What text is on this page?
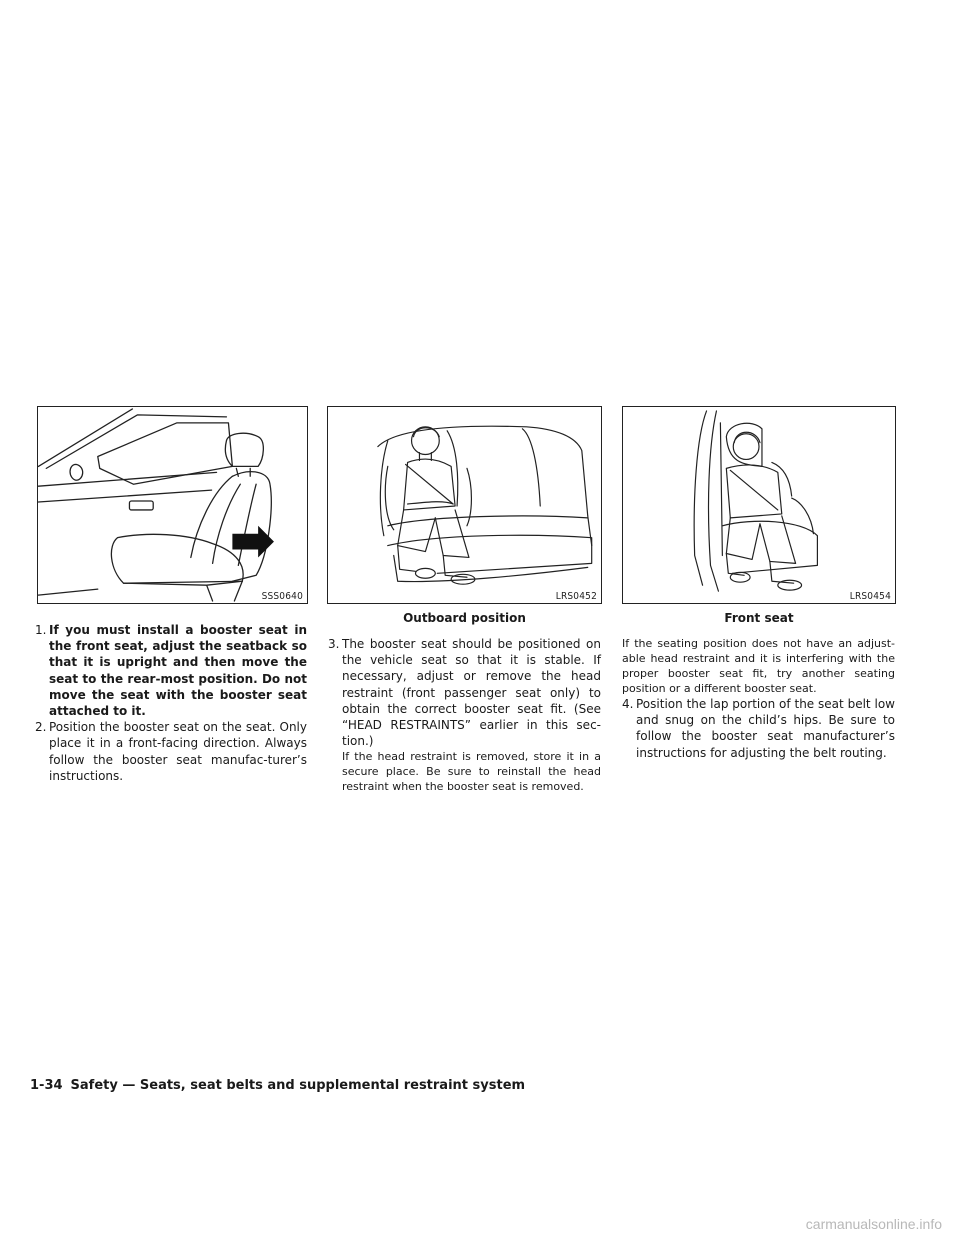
SSS0640	LRS0452	LRS0454
Outboard position	Front seat

1. If you must install a booster seat in the front seat, adjust the seatback so that it is upright and then move the seat to the rear-most position. Do not move the seat with the booster seat attached to it.

2. Position the booster seat on the seat. Only place it in a front-facing direction. Always follow the booster seat manufac-turer’s instructions.

3. The booster seat should be positioned on the vehicle seat so that it is stable. If necessary, adjust or remove the head restraint (front passenger seat only) to obtain the correct booster seat fit. (See “HEAD RESTRAINTS” earlier in this sec-tion.)

If the head restraint is removed, store it in a secure place. Be sure to reinstall the head restraint when the booster seat is removed.

If the seating position does not have an adjust-able head restraint and it is interfering with the proper booster seat fit, try another seating position or a different booster seat.

4. Position the lap portion of the seat belt low and snug on the child’s hips. Be sure to follow the booster seat manufacturer’s instructions for adjusting the belt routing.

1-34 Safety — Seats, seat belts and supplemental restraint system
carmanualsonline.info
